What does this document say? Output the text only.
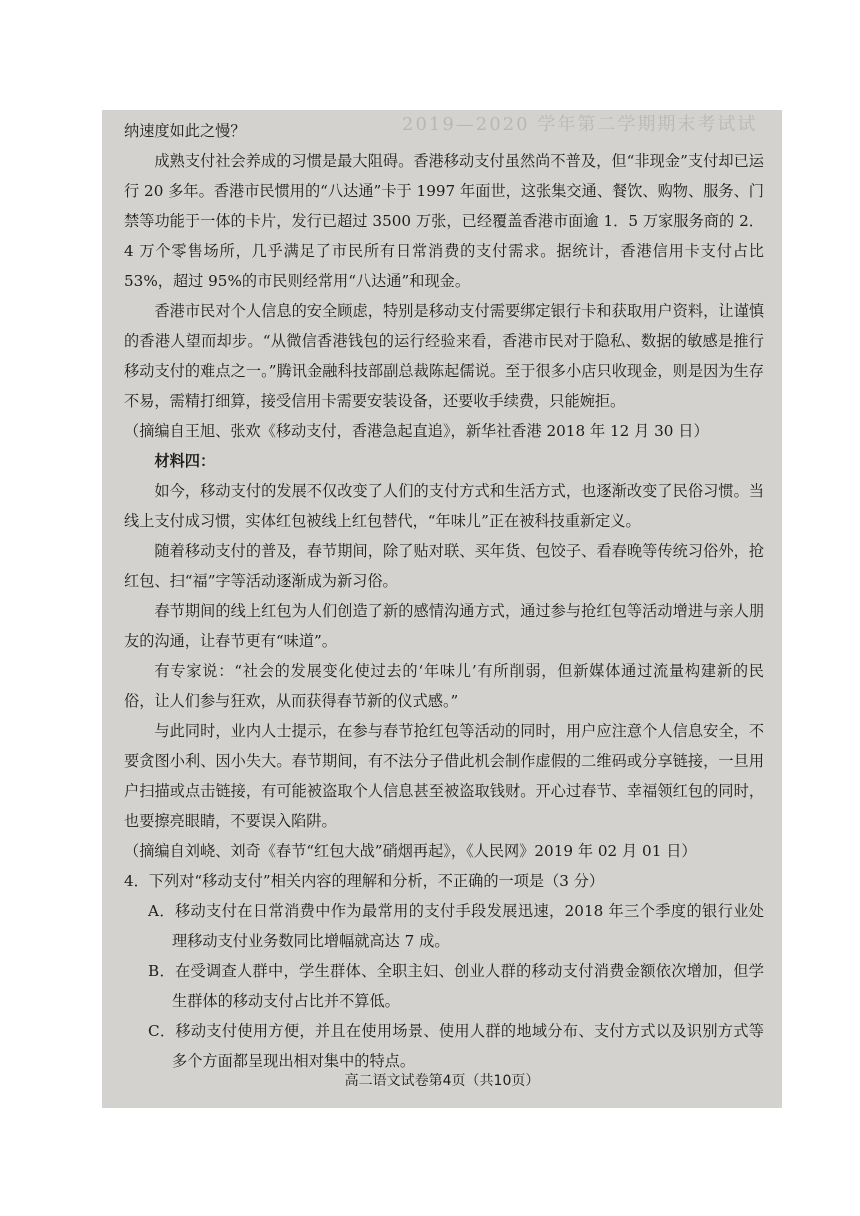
2019—2020 学年第二学期期末考试试

纳速度如此之慢？

成熟支付社会养成的习惯是最大阻碍。香港移动支付虽然尚不普及，但“非现金”支付却已运行 20 多年。香港市民惯用的“八达通”卡于 1997 年面世，这张集交通、餐饮、购物、服务、门禁等功能于一体的卡片，发行已超过 3500 万张，已经覆盖香港市面逾 1．5 万家服务商的 2．4 万个零售场所，几乎满足了市民所有日常消费的支付需求。据统计，香港信用卡支付占比 53%，超过 95%的市民则经常用“八达通”和现金。

香港市民对个人信息的安全顾虑，特别是移动支付需要绑定银行卡和获取用户资料，让谨慎的香港人望而却步。“从微信香港钱包的运行经验来看，香港市民对于隐私、数据的敏感是推行移动支付的难点之一。”腾讯金融科技部副总裁陈起儒说。至于很多小店只收现金，则是因为生存不易，需精打细算，接受信用卡需要安装设备，还要收手续费，只能婉拒。

（摘编自王旭、张欢《移动支付，香港急起直追》，新华社香港 2018 年 12 月 30 日）

材料四：

如今，移动支付的发展不仅改变了人们的支付方式和生活方式，也逐渐改变了民俗习惯。当线上支付成习惯，实体红包被线上红包替代，“年味儿”正在被科技重新定义。

随着移动支付的普及，春节期间，除了贴对联、买年货、包饺子、看春晚等传统习俗外，抢红包、扫“福”字等活动逐渐成为新习俗。

春节期间的线上红包为人们创造了新的感情沟通方式，通过参与抢红包等活动增进与亲人朋友的沟通，让春节更有“味道”。

有专家说：“社会的发展变化使过去的‘年味儿’有所削弱，但新媒体通过流量构建新的民俗，让人们参与狂欢，从而获得春节新的仪式感。”

与此同时，业内人士提示，在参与春节抢红包等活动的同时，用户应注意个人信息安全，不要贪图小利、因小失大。春节期间，有不法分子借此机会制作虚假的二维码或分享链接，一旦用户扫描或点击链接，有可能被盗取个人信息甚至被盗取钱财。开心过春节、幸福领红包的同时，也要擦亮眼睛，不要误入陷阱。

（摘编自刘峣、刘奇《春节“红包大战”硝烟再起》，《人民网》2019 年 02 月 01 日）

4．下列对“移动支付”相关内容的理解和分析，不正确的一项是（3 分）

A．移动支付在日常消费中作为最常用的支付手段发展迅速，2018 年三个季度的银行业处理移动支付业务数同比增幅就高达 7 成。

B．在受调查人群中，学生群体、全职主妇、创业人群的移动支付消费金额依次增加，但学生群体的移动支付占比并不算低。

C．移动支付使用方便，并且在使用场景、使用人群的地域分布、支付方式以及识别方式等多个方面都呈现出相对集中的特点。

高二语文试卷第4页（共10页）
